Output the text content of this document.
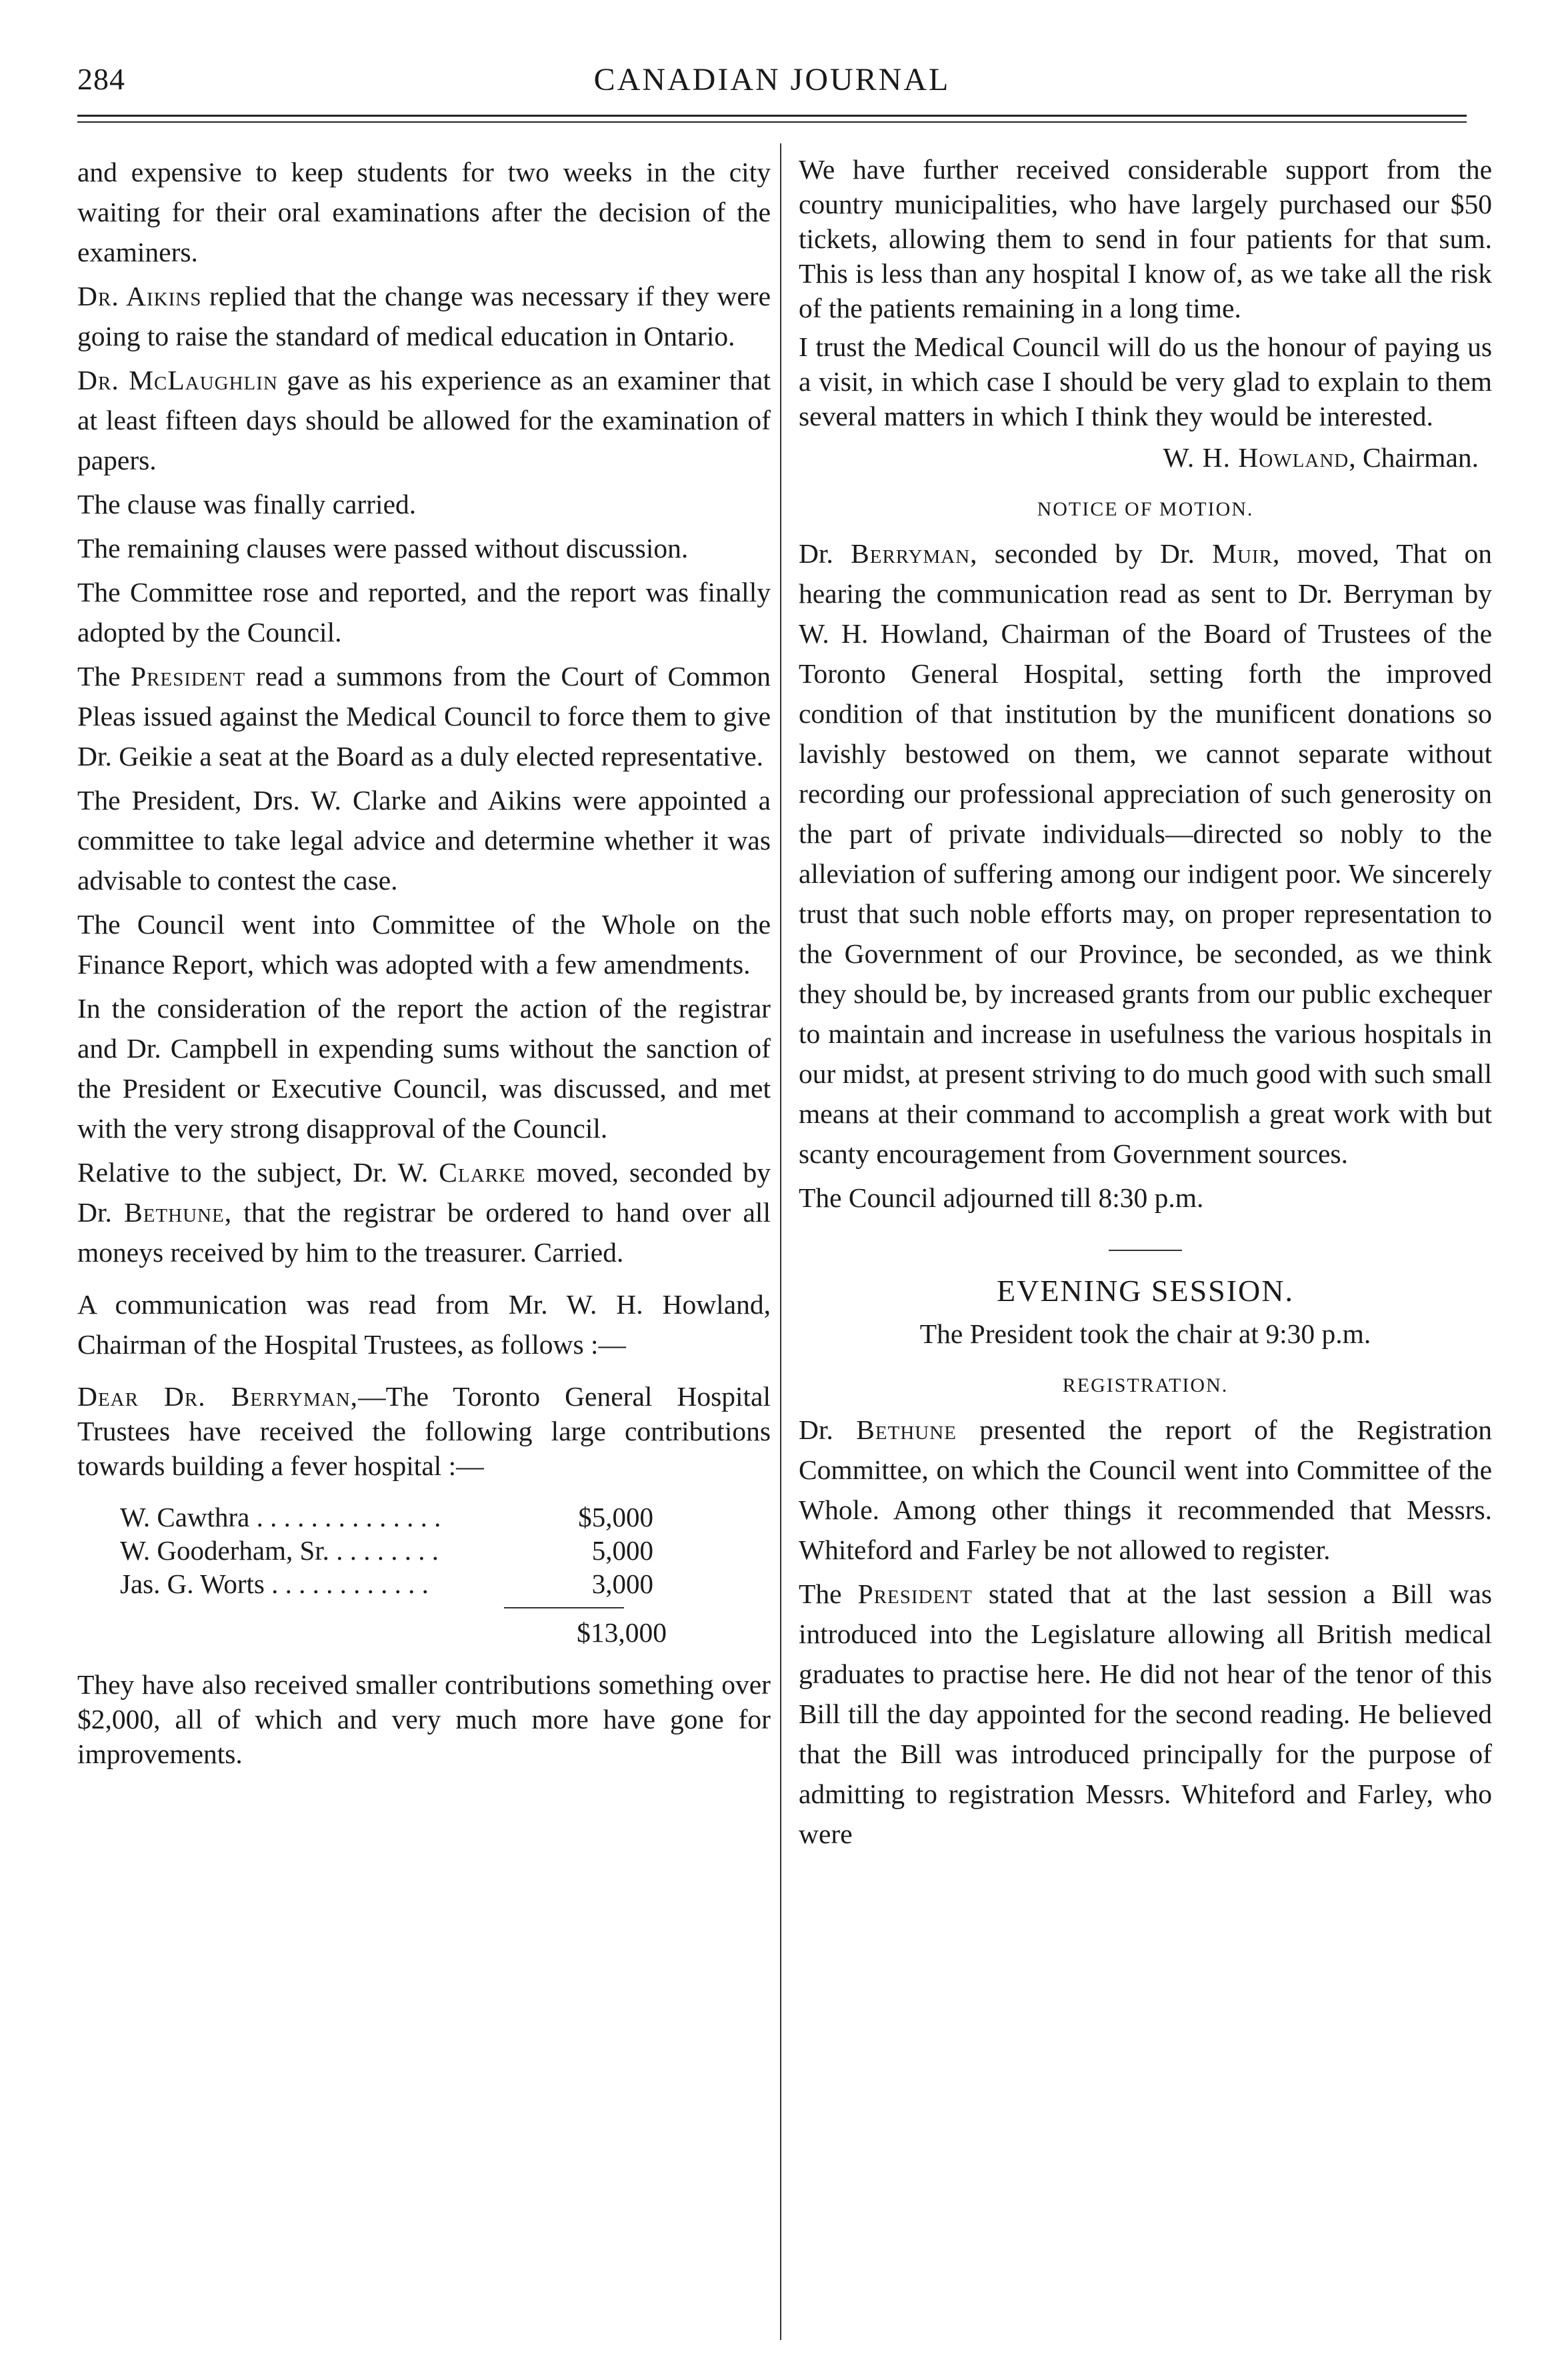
284	CANADIAN JOURNAL

and expensive to keep students for two weeks in the city waiting for their oral examinations after the decision of the examiners.

Dr. Aikins replied that the change was necessary if they were going to raise the standard of medical education in Ontario.

Dr. McLaughlin gave as his experience as an examiner that at least fifteen days should be allowed for the examination of papers.

The clause was finally carried.

The remaining clauses were passed without discussion.

The Committee rose and reported, and the report was finally adopted by the Council.

The President read a summons from the Court of Common Pleas issued against the Medical Council to force them to give Dr. Geikie a seat at the Board as a duly elected representative.

The President, Drs. W. Clarke and Aikins were appointed a committee to take legal advice and determine whether it was advisable to contest the case.

The Council went into Committee of the Whole on the Finance Report, which was adopted with a few amendments.

In the consideration of the report the action of the registrar and Dr. Campbell in expending sums without the sanction of the President or Executive Council, was discussed, and met with the very strong disapproval of the Council.

Relative to the subject, Dr. W. Clarke moved, seconded by Dr. Bethune, that the registrar be ordered to hand over all moneys received by him to the treasurer. Carried.

A communication was read from Mr. W. H. Howland, Chairman of the Hospital Trustees, as follows :—

Dear Dr. Berryman,—The Toronto General Hospital Trustees have received the following large contributions towards building a fever hospital :—

W. Cawthra . . . . . . . . . . . . . .	$5,000
W. Gooderham, Sr. . . . . . . . .	5,000
Jas. G. Worts . . . . . . . . . . . .	3,000
$13,000

They have also received smaller contributions something over $2,000, all of which and very much more have gone for improvements.

We have further received considerable support from the country municipalities, who have largely purchased our $50 tickets, allowing them to send in four patients for that sum. This is less than any hospital I know of, as we take all the risk of the patients remaining in a long time.

I trust the Medical Council will do us the honour of paying us a visit, in which case I should be very glad to explain to them several matters in which I think they would be interested.

W. H. Howland, Chairman.

NOTICE OF MOTION.

Dr. Berryman, seconded by Dr. Muir, moved, That on hearing the communication read as sent to Dr. Berryman by W. H. Howland, Chairman of the Board of Trustees of the Toronto General Hospital, setting forth the improved condition of that institution by the munificent donations so lavishly bestowed on them, we cannot separate without recording our professional appreciation of such generosity on the part of private individuals—directed so nobly to the alleviation of suffering among our indigent poor. We sincerely trust that such noble efforts may, on proper representation to the Government of our Province, be seconded, as we think they should be, by increased grants from our public exchequer to maintain and increase in usefulness the various hospitals in our midst, at present striving to do much good with such small means at their command to accomplish a great work with but scanty encouragement from Government sources.

The Council adjourned till 8:30 p.m.

EVENING SESSION.

The President took the chair at 9:30 p.m.

REGISTRATION.

Dr. Bethune presented the report of the Registration Committee, on which the Council went into Committee of the Whole. Among other things it recommended that Messrs. Whiteford and Farley be not allowed to register.

The President stated that at the last session a Bill was introduced into the Legislature allowing all British medical graduates to practise here. He did not hear of the tenor of this Bill till the day appointed for the second reading. He believed that the Bill was introduced principally for the purpose of admitting to registration Messrs. Whiteford and Farley, who were
